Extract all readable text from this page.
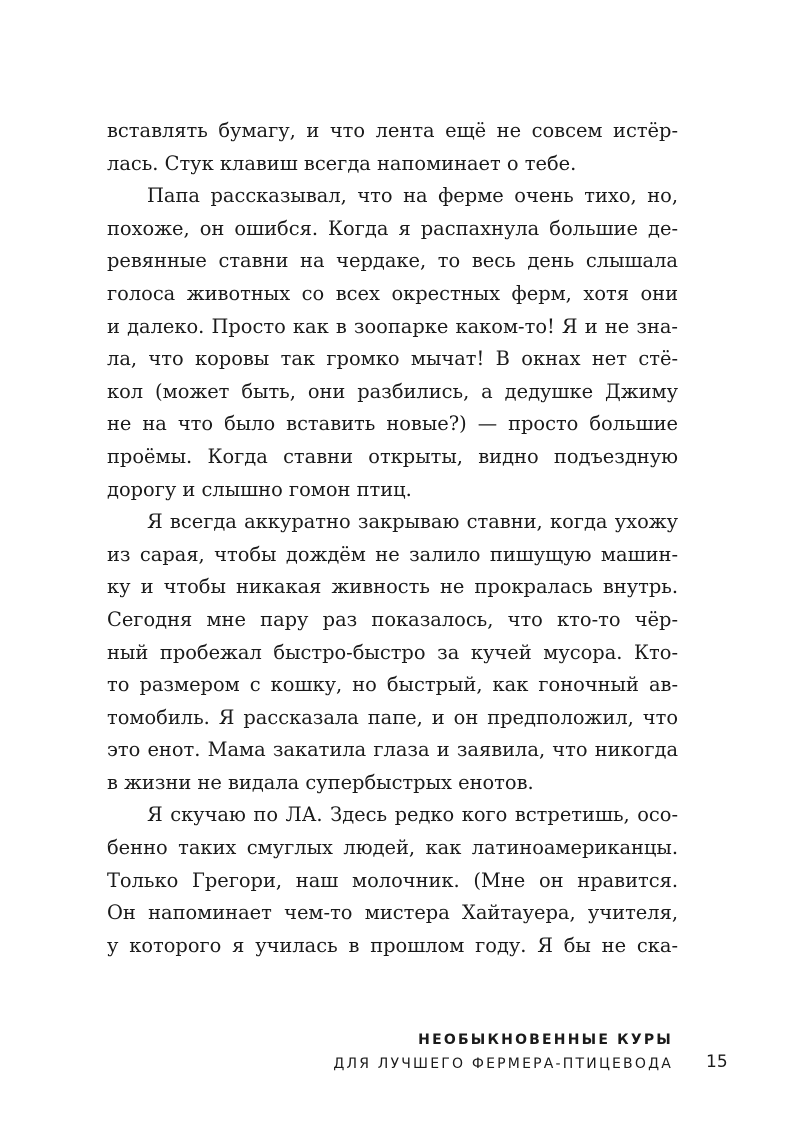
вставлять бумагу, и что лента ещё не совсем истёр-
лась. Стук клавиш всегда напоминает о тебе.
Папа рассказывал, что на ферме очень тихо, но,
похоже, он ошибся. Когда я распахнула большие де-
ревянные ставни на чердаке, то весь день слышала
голоса животных со всех окрестных ферм, хотя они
и далеко. Просто как в зоопарке каком-то! Я и не зна-
ла, что коровы так громко мычат! В окнах нет стё-
кол (может быть, они разбились, а дедушке Джиму
не на что было вставить новые?) — просто большие
проёмы. Когда ставни открыты, видно подъездную
дорогу и слышно гомон птиц.
Я всегда аккуратно закрываю ставни, когда ухожу
из сарая, чтобы дождём не залило пишущую машин-
ку и чтобы никакая живность не прокралась внутрь.
Сегодня мне пару раз показалось, что кто-то чёр-
ный пробежал быстро-быстро за кучей мусора. Кто-
то размером с кошку, но быстрый, как гоночный ав-
томобиль. Я рассказала папе, и он предположил, что
это енот. Мама закатила глаза и заявила, что никогда
в жизни не видала супербыстрых енотов.
Я скучаю по ЛА. Здесь редко кого встретишь, осо-
бенно таких смуглых людей, как латиноамериканцы.
Только Грегори, наш молочник. (Мне он нравится.
Он напоминает чем-то мистера Хайтауера, учителя,
у которого я училась в прошлом году. Я бы не ска-
НЕОБЫКНОВЕННЫЕ КУРЫ
ДЛЯ ЛУЧШЕГО ФЕРМЕРА-ПТИЦЕВОДА 15
